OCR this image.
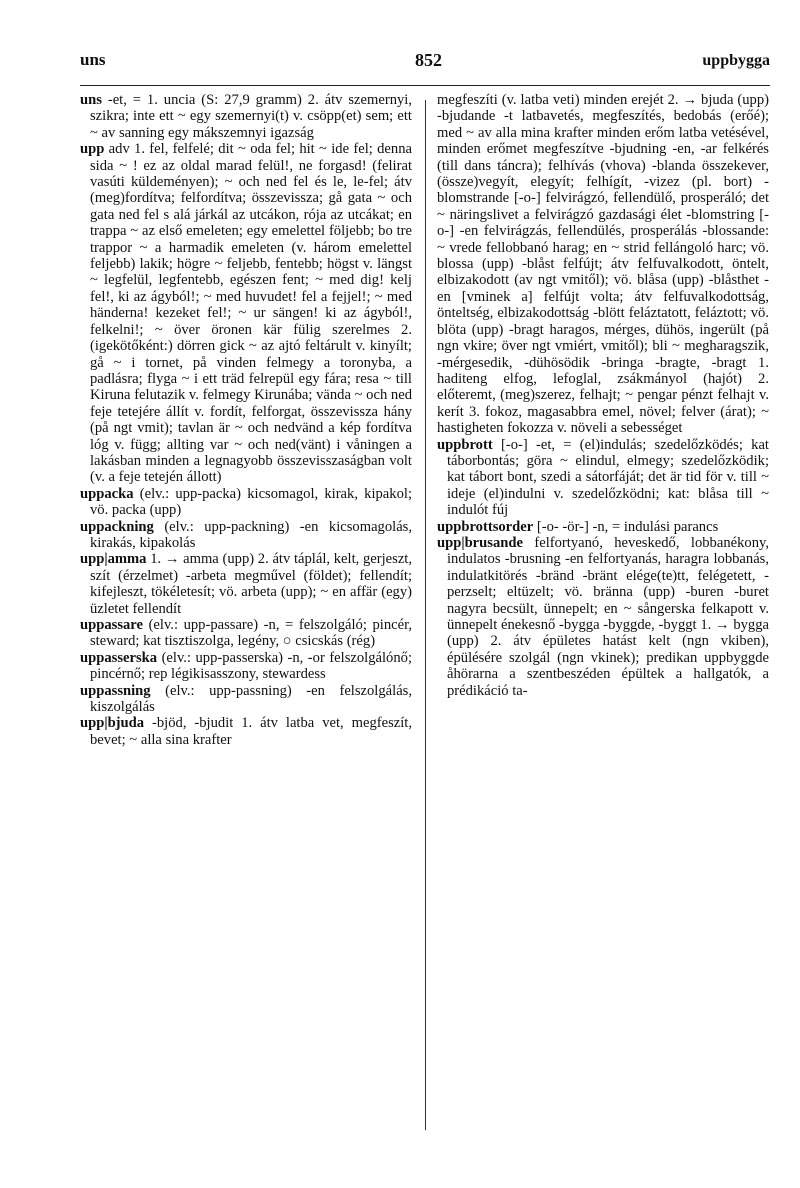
uns	852	uppbygga

uns -et, = 1. uncia (S: 27,9 gramm) 2. átv szemernyi, szikra; inte ett ~ egy szemernyi(t) v. csöpp(et) sem; ett ~ av sanning egy mákszemnyi igazság

upp adv 1. fel, felfelé; dit ~ oda fel; hit ~ ide fel; denna sida ~ ! ez az oldal marad felül!, ne forgasd! (felirat vasúti küldeményen); ~ och ned fel és le, le-fel; átv (meg)fordítva; felfordítva; összevissza; gå gata ~ och gata ned fel s alá járkál az utcákon, rója az utcákat; en trappa ~ az első emeleten; egy emelettel följebb; bo tre trappor ~ a harmadik emeleten (v. három emelettel feljebb) lakik; högre ~ feljebb, fentebb; högst v. längst ~ legfelül, legfentebb, egészen fent; ~ med dig! kelj fel!, ki az ágyból!; ~ med huvudet! fel a fejjel!; ~ med händerna! kezeket fel!; ~ ur sängen! ki az ágyból!, felkelni!; ~ över öronen kär fülig szerelmes 2. (igekötőként:) dörren gick ~ az ajtó feltárult v. kinyílt; gå ~ i tornet, på vinden felmegy a toronyba, a padlásra; flyga ~ i ett träd felrepül egy fára; resa ~ till Kiruna felutazik v. felmegy Kirunába; vända ~ och ned feje tetejére állít v. fordít, felforgat, összevissza hány (på ngt vmit); tavlan är ~ och nedvänd a kép fordítva lóg v. függ; allting var ~ och ned(vänt) i våningen a lakásban minden a legnagyobb összevisszaságban volt (v. a feje tetején állott)

uppacka (elv.: upp-packa) kicsomagol, kirak, kipakol; vö. packa (upp)

uppackning (elv.: upp-packning) -en kicsomagolás, kirakás, kipakolás

upp|amma 1. → amma (upp) 2. átv táplál, kelt, gerjeszt, szít (érzelmet) -arbeta megművel (földet); fellendít; kifejleszt, tökéletesít; vö. arbeta (upp); ~ en affär (egy) üzletet fellendít

uppassare (elv.: upp-passare) -n, = felszolgáló; pincér, steward; kat tisztiszolga, legény, ○ csicskás (rég)

uppasserska (elv.: upp-passerska) -n, -or felszolgálónő; pincérnő; rep légikisasszony, stewardess

uppassning (elv.: upp-passning) -en felszolgálás, kiszolgálás

upp|bjuda -bjöd, -bjudit 1. átv latba vet, megfeszít, bevet; ~ alla sina krafter

megfeszíti (v. latba veti) minden erejét 2. → bjuda (upp) -bjudande -t latbavetés, megfeszítés, bedobás (erőé); med ~ av alla mina krafter minden erőm latba vetésével, minden erőmet megfeszítve -bjudning -en, -ar felkérés (till dans táncra); felhívás (vhova) -blanda összekever, (össze)vegyít, elegyít; felhígít, -vizez (pl. bort) -blomstrande [-o-] felvirágzó, fellendülő, prosperáló; det ~ näringslivet a felvirágzó gazdasági élet -blomstring [-o-] -en felvirágzás, fellendülés, prosperálás -blossande: ~ vrede fellobbanó harag; en ~ strid fellángoló harc; vö. blossa (upp) -blåst felfújt; átv felfuvalkodott, öntelt, elbizakodott (av ngt vmitől); vö. blåsa (upp) -blåsthet -en [vminek a] felfújt volta; átv felfuvalkodottság, önteltség, elbizakodottság -blött feláztatott, feláztott; vö. blöta (upp) -bragt haragos, mérges, dühös, ingerült (på ngn vkire; över ngt vmiért, vmitől); bli ~ megharagszik, -mérgesedik, -dühösödik -bringa -bragte, -bragt 1. haditeng elfog, lefoglal, zsákmányol (hajót) 2. előteremt, (meg)szerez, felhajt; ~ pengar pénzt felhajt v. kerít 3. fokoz, magasabbra emel, növel; felver (árat); ~ hastigheten fokozza v. növeli a sebességet

uppbrott [-o-] -et, = (el)indulás; szedelőzködés; kat táborbontás; göra ~ elindul, elmegy; szedelőzködik; kat tábort bont, szedi a sátorfáját; det är tid för v. till ~ ideje (el)indulni v. szedelőzködni; kat: blåsa till ~ indulót fúj

uppbrottsorder [-o- -ör-] -n, = indulási parancs

upp|brusande felfortyanó, heveskedő, lobbanékony, indulatos -brusning -en felfortyanás, haragra lobbanás, indulatkitörés -bränd -bränt elége(te)tt, felégetett, -perzselt; eltüzelt; vö. bränna (upp) -buren -buret nagyra becsült, ünnepelt; en ~ sångerska felkapott v. ünnepelt énekesnő -bygga -byggde, -byggt 1. → bygga (upp) 2. átv épületes hatást kelt (ngn vkiben), épülésére szolgál (ngn vkinek); predikan uppbyggde åhörarna a szentbeszéden épültek a hallgatók, a prédikáció ta-
